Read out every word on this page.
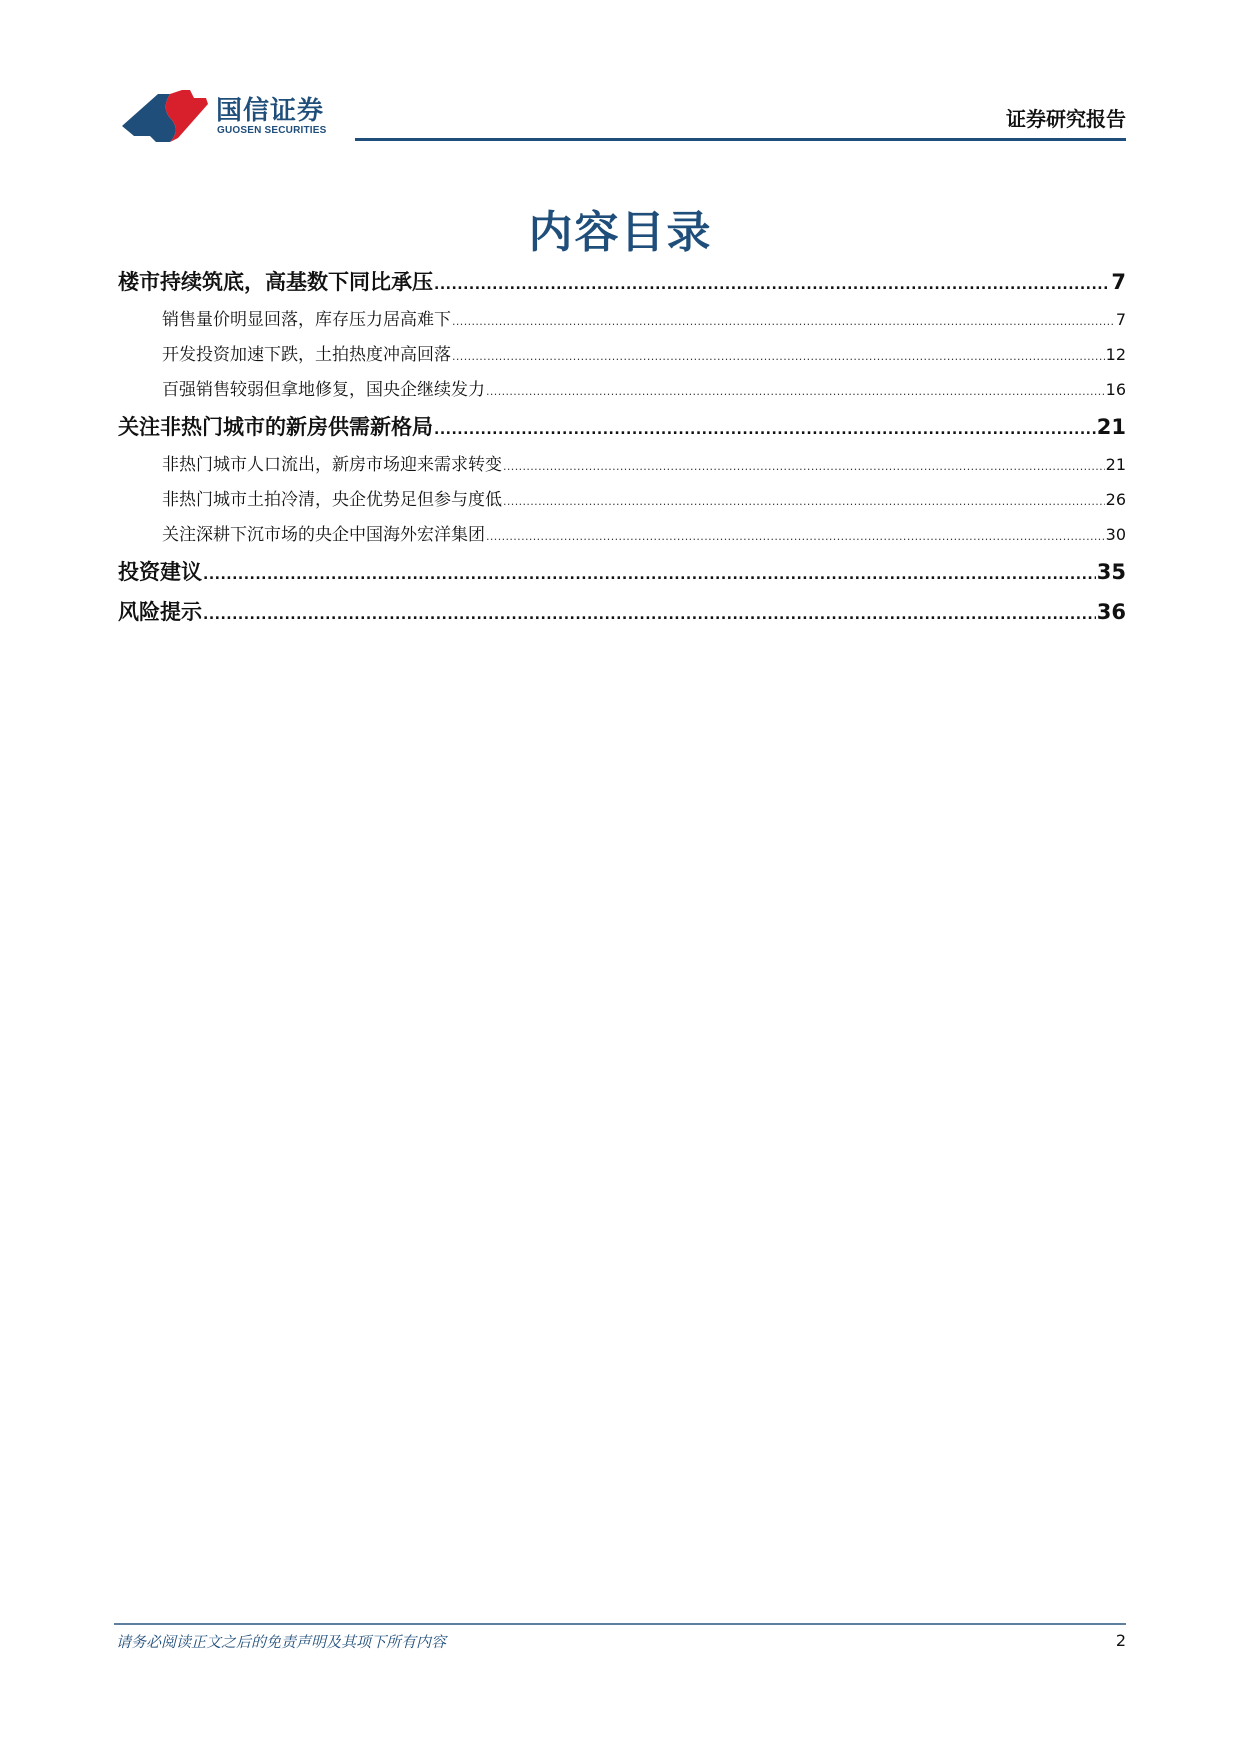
国信证券
GUOSEN SECURITIES	证券研究报告
内容目录
楼市持续筑底，高基数下同比承压 .....	7
销售量价明显回落，库存压力居高难下 .....	7
开发投资加速下跌，土拍热度冲高回落 .....	12
百强销售较弱但拿地修复，国央企继续发力 .....	16
关注非热门城市的新房供需新格局 .....	21
非热门城市人口流出，新房市场迎来需求转变 .....	21
非热门城市土拍冷清，央企优势足但参与度低 .....	26
关注深耕下沉市场的央企中国海外宏洋集团 .....	30
投资建议 .....	35
风险提示 .....	36
请务必阅读正文之后的免责声明及其项下所有内容	2
